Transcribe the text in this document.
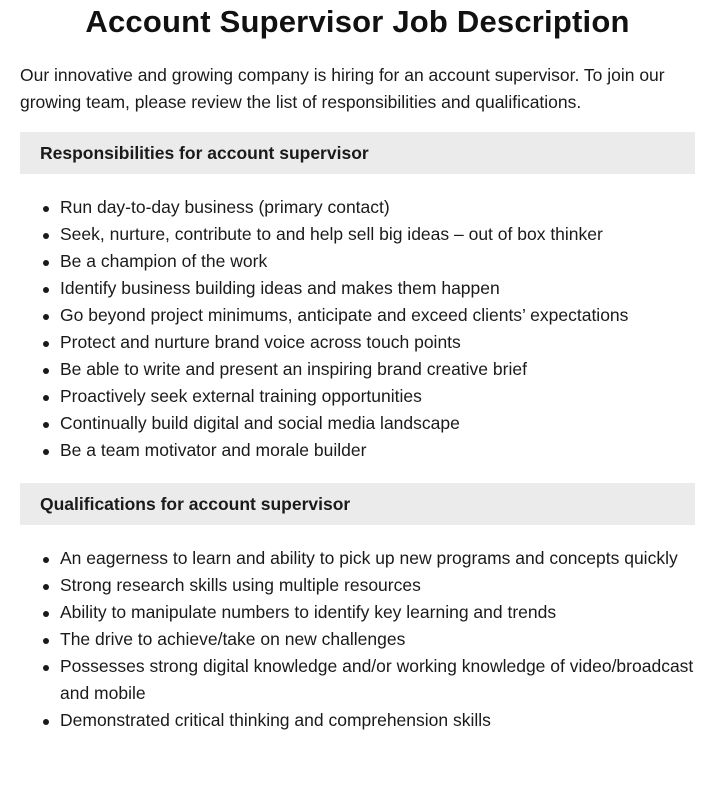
Account Supervisor Job Description

Our innovative and growing company is hiring for an account supervisor. To join our growing team, please review the list of responsibilities and qualifications.

Responsibilities for account supervisor
Run day-to-day business (primary contact)
Seek, nurture, contribute to and help sell big ideas – out of box thinker
Be a champion of the work
Identify business building ideas and makes them happen
Go beyond project minimums, anticipate and exceed clients’ expectations
Protect and nurture brand voice across touch points
Be able to write and present an inspiring brand creative brief
Proactively seek external training opportunities
Continually build digital and social media landscape
Be a team motivator and morale builder
Qualifications for account supervisor
An eagerness to learn and ability to pick up new programs and concepts quickly
Strong research skills using multiple resources
Ability to manipulate numbers to identify key learning and trends
The drive to achieve/take on new challenges
Possesses strong digital knowledge and/or working knowledge of video/broadcast and mobile
Demonstrated critical thinking and comprehension skills
